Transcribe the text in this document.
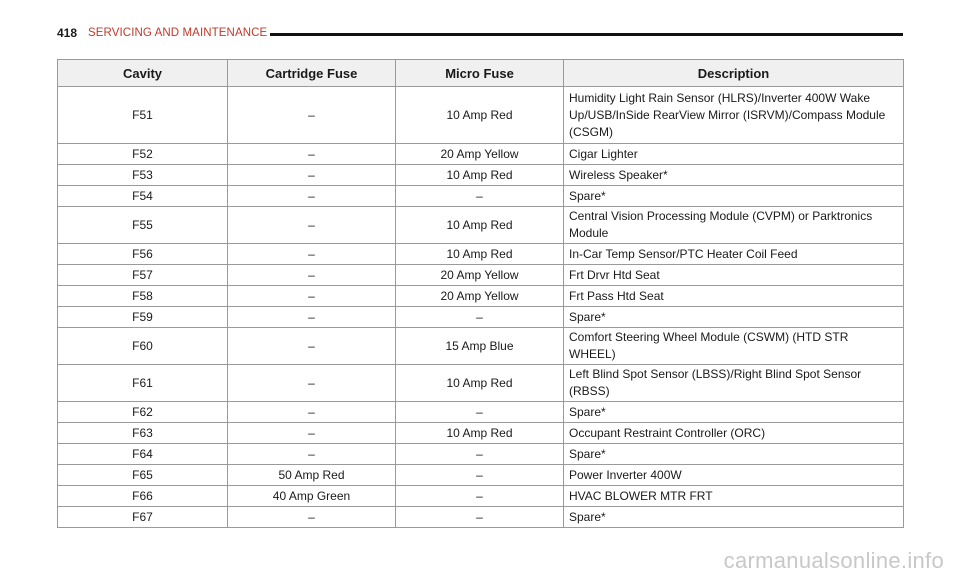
418 SERVICING AND MAINTENANCE
Cavity	Cartridge Fuse	Micro Fuse	Description
F51	–	10 Amp Red	Humidity Light Rain Sensor (HLRS)/Inverter 400W Wake Up/USB/InSide RearView Mirror (ISRVM)/Compass Module (CSGM)
F52	–	20 Amp Yellow	Cigar Lighter
F53	–	10 Amp Red	Wireless Speaker*
F54	–	–	Spare*
F55	–	10 Amp Red	Central Vision Processing Module (CVPM) or Parktronics Module
F56	–	10 Amp Red	In-Car Temp Sensor/PTC Heater Coil Feed
F57	–	20 Amp Yellow	Frt Drvr Htd Seat
F58	–	20 Amp Yellow	Frt Pass Htd Seat
F59	–	–	Spare*
F60	–	15 Amp Blue	Comfort Steering Wheel Module (CSWM) (HTD STR WHEEL)
F61	–	10 Amp Red	Left Blind Spot Sensor (LBSS)/Right Blind Spot Sensor (RBSS)
F62	–	–	Spare*
F63	–	10 Amp Red	Occupant Restraint Controller (ORC)
F64	–	–	Spare*
F65	50 Amp Red	–	Power Inverter 400W
F66	40 Amp Green	–	HVAC BLOWER MTR FRT
F67	–	–	Spare*
carmanualsonline.info
